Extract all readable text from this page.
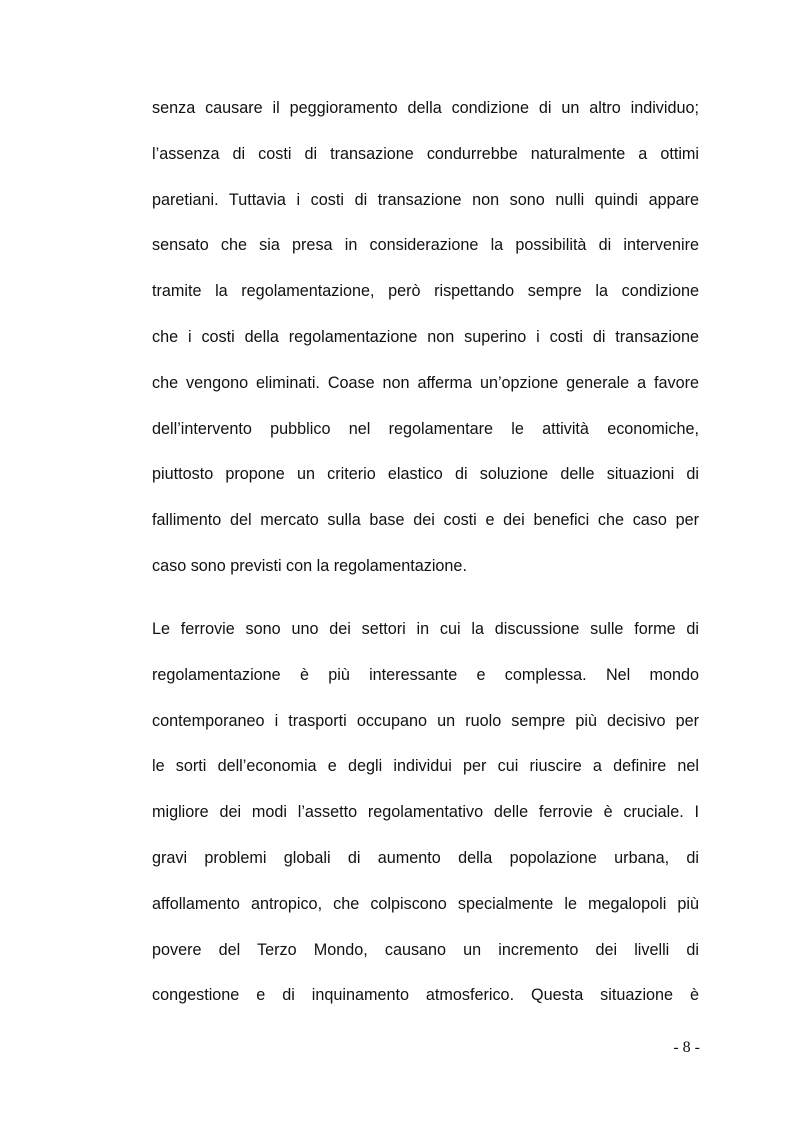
senza causare il peggioramento della condizione di un altro individuo;
l’assenza di costi di transazione condurrebbe naturalmente a ottimi
paretiani. Tuttavia i costi di transazione non sono nulli quindi appare
sensato che sia presa in considerazione la possibilità di intervenire
tramite la regolamentazione, però rispettando sempre la condizione
che i costi della regolamentazione non superino i costi di transazione
che vengono eliminati. Coase non afferma un’opzione generale a favore
dell’intervento pubblico nel regolamentare le attività economiche,
piuttosto propone un criterio elastico di soluzione delle situazioni di
fallimento del mercato sulla base dei costi e dei benefici che caso per
caso sono previsti con la regolamentazione.
Le ferrovie sono uno dei settori in cui la discussione sulle forme di
regolamentazione è più interessante e complessa. Nel mondo
contemporaneo i trasporti occupano un ruolo sempre più decisivo per
le sorti dell’economia e degli individui per cui riuscire a definire nel
migliore dei modi l’assetto regolamentativo delle ferrovie è cruciale. I
gravi problemi globali di aumento della popolazione urbana, di
affollamento antropico, che colpiscono specialmente le megalopoli più
povere del Terzo Mondo, causano un incremento dei livelli di
congestione e di inquinamento atmosferico. Questa situazione è
- 8 -
